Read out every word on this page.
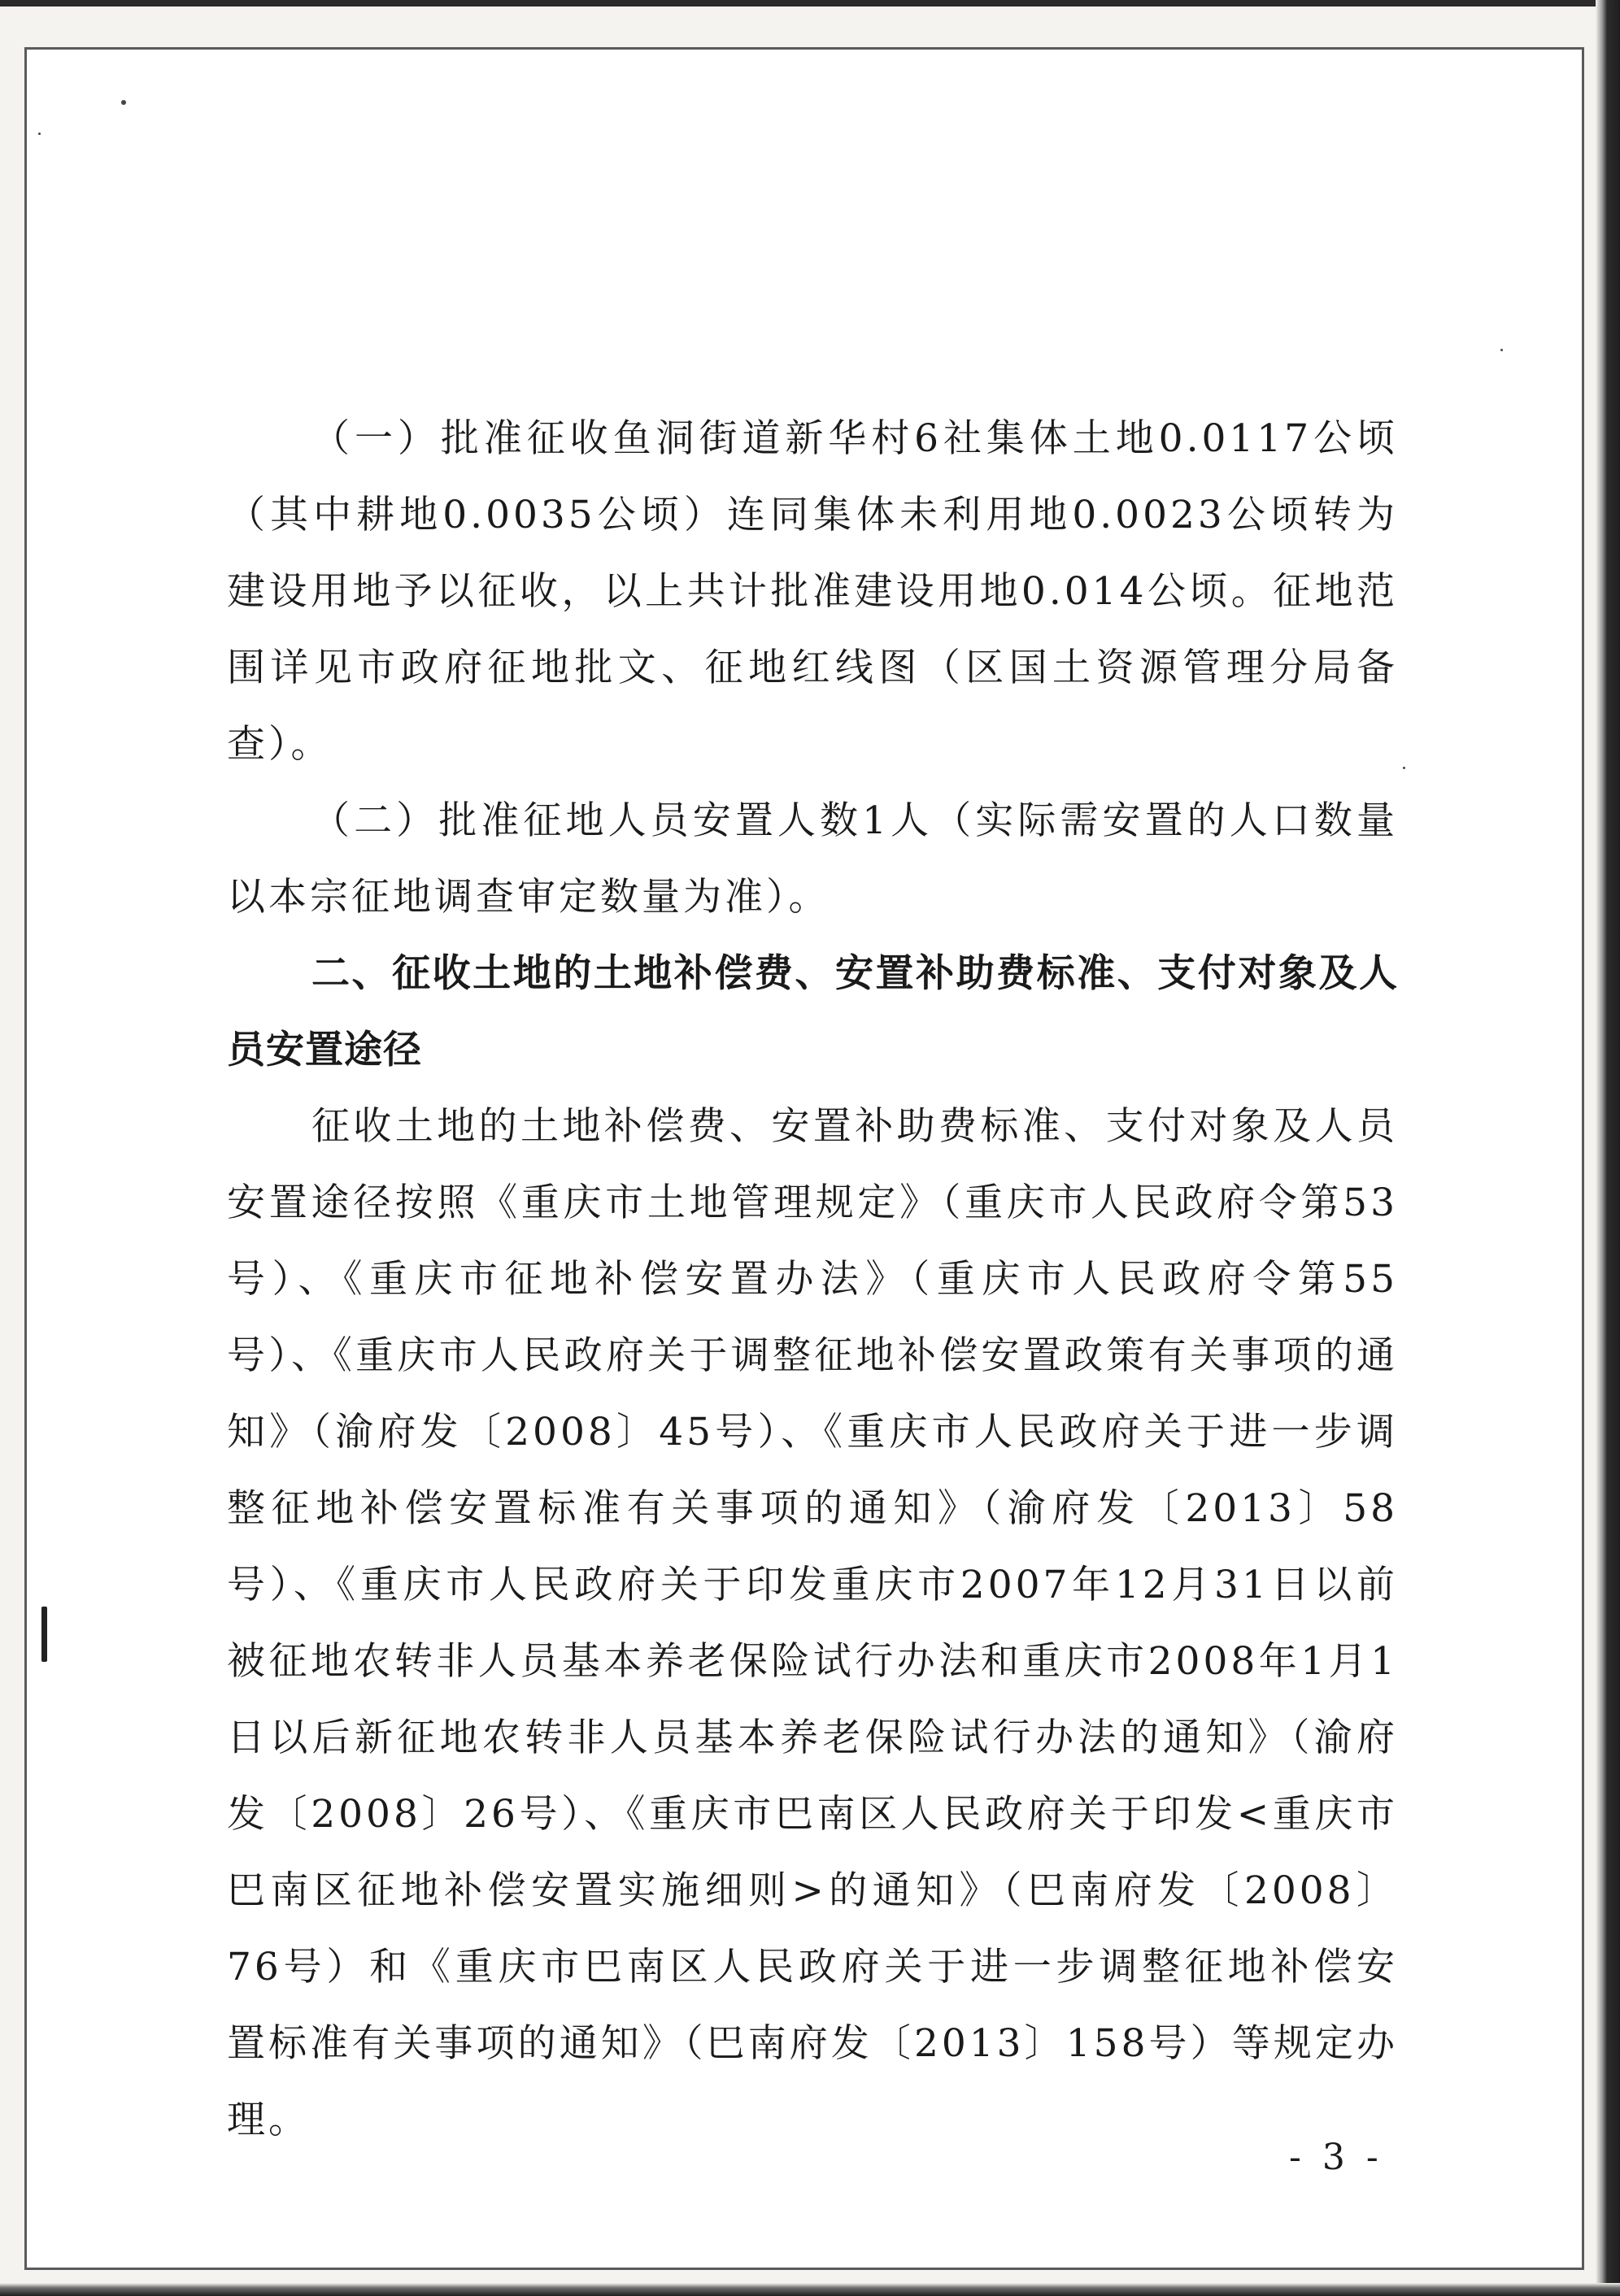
（一）批准征收鱼洞街道新华村6社集体土地0.0117公顷（其中耕地0.0035公顷）连同集体未利用地0.0023公顷转为建设用地予以征收，以上共计批准建设用地0.014公顷。征地范围详见市政府征地批文、征地红线图（区国土资源管理分局备查）。

（二）批准征地人员安置人数1人（实际需安置的人口数量以本宗征地调查审定数量为准）。

二、征收土地的土地补偿费、安置补助费标准、支付对象及人员安置途径

征收土地的土地补偿费、安置补助费标准、支付对象及人员安置途径按照《重庆市土地管理规定》（重庆市人民政府令第53号）、《重庆市征地补偿安置办法》（重庆市人民政府令第55号）、《重庆市人民政府关于调整征地补偿安置政策有关事项的通知》（渝府发〔2008〕45号）、《重庆市人民政府关于进一步调整征地补偿安置标准有关事项的通知》（渝府发〔2013〕58号）、《重庆市人民政府关于印发重庆市2007年12月31日以前被征地农转非人员基本养老保险试行办法和重庆市2008年1月1日以后新征地农转非人员基本养老保险试行办法的通知》（渝府发〔2008〕26号）、《重庆市巴南区人民政府关于印发<重庆市巴南区征地补偿安置实施细则>的通知》（巴南府发〔2008〕76号）和《重庆市巴南区人民政府关于进一步调整征地补偿安置标准有关事项的通知》（巴南府发〔2013〕158号）等规定办理。

- 3 -
